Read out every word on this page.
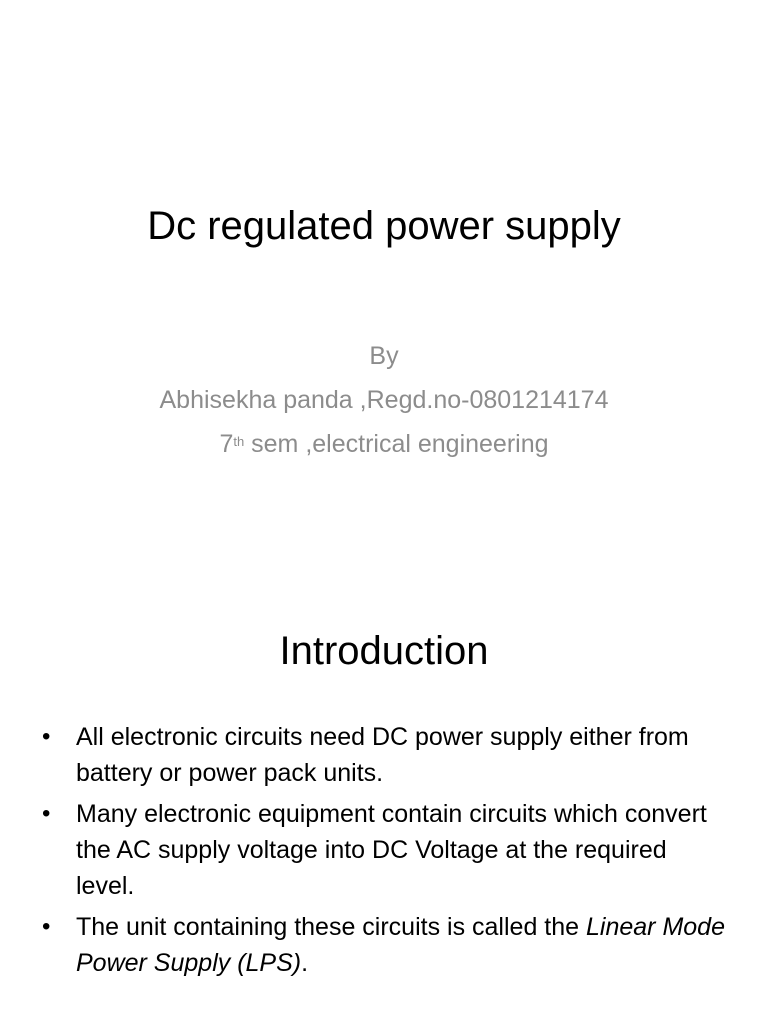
Dc regulated power supply
By
Abhisekha panda ,Regd.no-0801214174
7th sem ,electrical engineering
Introduction
• All electronic circuits need DC power supply either from battery or power pack units.
• Many electronic equipment contain circuits which convert the AC supply voltage into DC Voltage at the required level.
• The unit containing these circuits is called the Linear Mode Power Supply (LPS).
